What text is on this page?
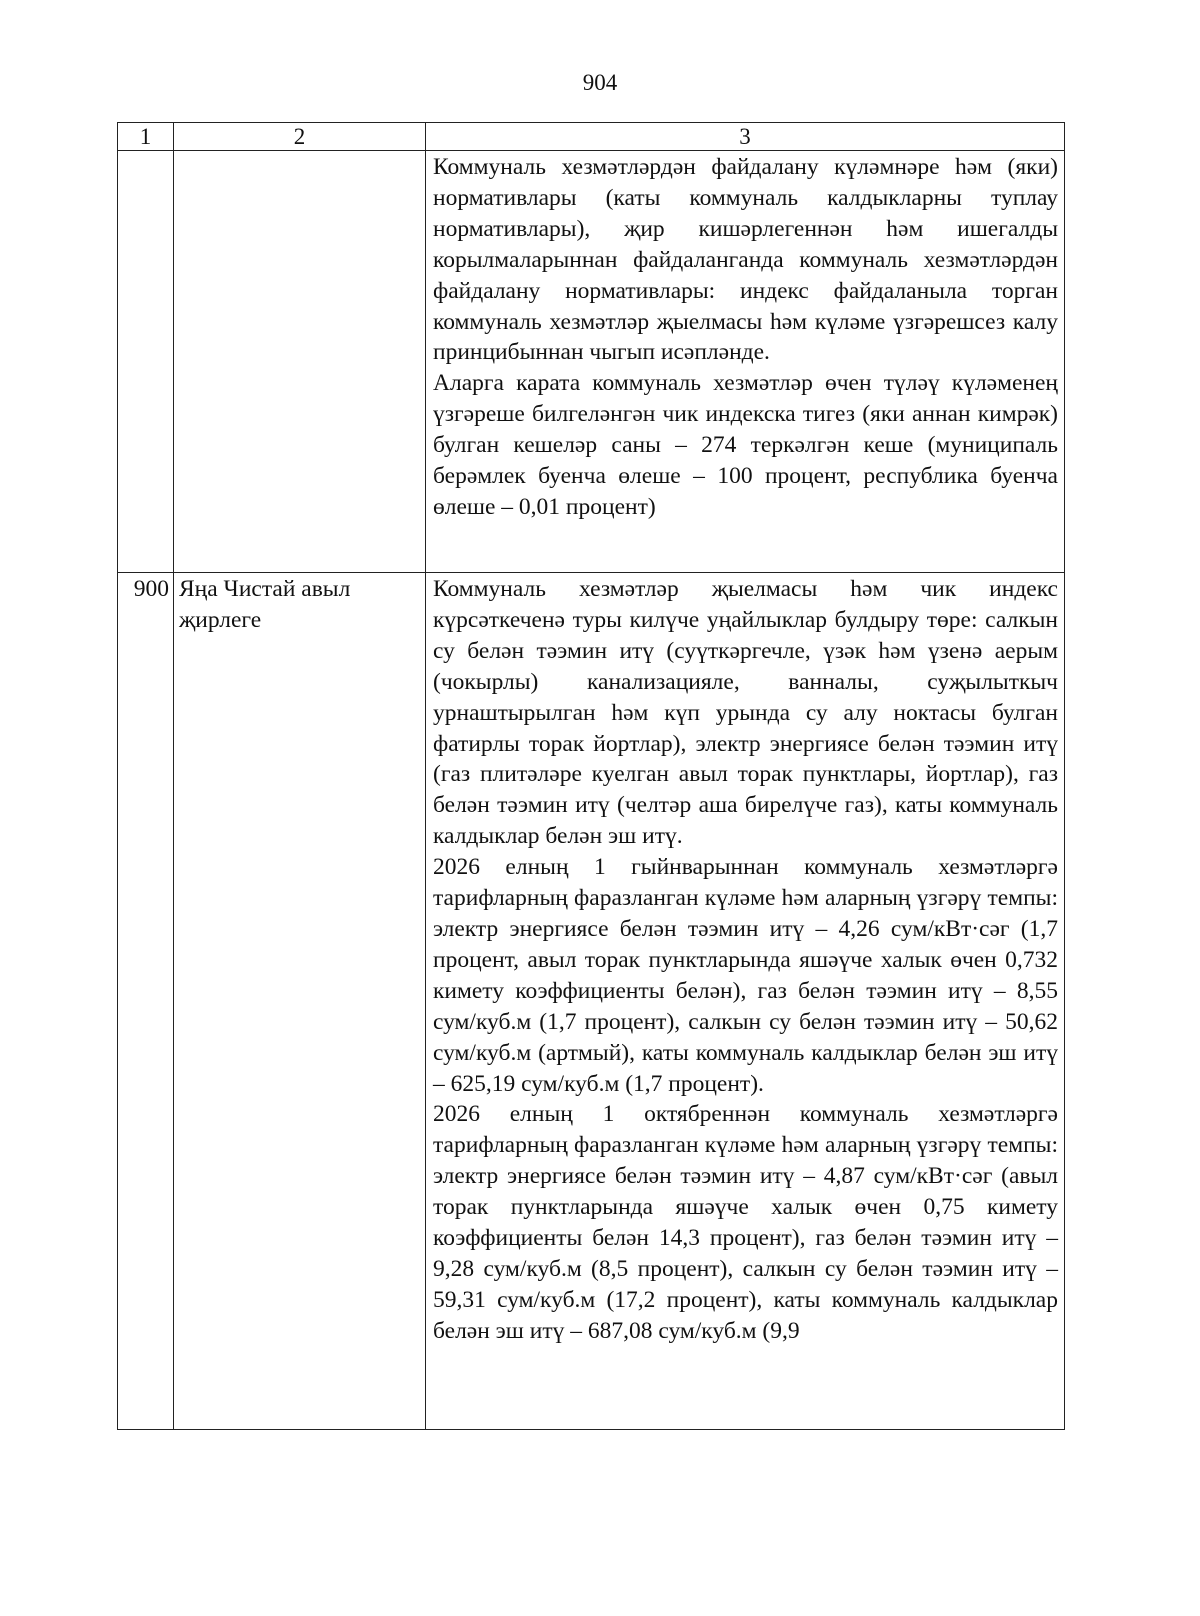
904
1	2	3

		Коммуналь хезмәтләрдән файдалану күләмнәре һәм (яки) нормативлары (каты коммуналь калдыкларны туплау нормативлары), җир кишәрлегеннән һәм ишегалды корылмаларыннан файдаланганда коммуналь хезмәтләрдән файдалану нормативлары: индекс файдаланыла торган коммуналь хезмәтләр җыелмасы һәм күләме үзгәрешсез калу принцибыннан чыгып исәпләнде.

Аларга карата коммуналь хезмәтләр өчен түләү күләменең үзгәреше билгеләнгән чик индекска тигез (яки аннан кимрәк) булган кешеләр саны – 274 теркәлгән кеше (муниципаль берәмлек буенча өлеше – 100 процент, республика буенча өлеше – 0,01 процент)

900	Яңа Чистай авыл җирлеге	Коммуналь хезмәтләр җыелмасы һәм чик индекс күрсәткеченә туры килүче уңайлыклар булдыру төре: салкын су белән тәэмин итү (суүткәргечле, үзәк һәм үзенә аерым (чокырлы) канализацияле, ванналы, суҗылыткыч урнаштырылган һәм күп урында су алу ноктасы булган фатирлы торак йортлар), электр энергиясе белән тәэмин итү (газ плитәләре куелган авыл торак пунктлары, йортлар), газ белән тәэмин итү (челтәр аша бирелүче газ), каты коммуналь калдыклар белән эш итү.

2026 елның 1 гыйнварыннан коммуналь хезмәтләргә тарифларның фаразланган күләме һәм аларның үзгәрү темпы: электр энергиясе белән тәэмин итү – 4,26 сум/кВт·сәг (1,7 процент, авыл торак пунктларында яшәүче халык өчен 0,732 кимету коэффициенты белән), газ белән тәэмин итү – 8,55 сум/куб.м (1,7 процент), салкын су белән тәэмин итү – 50,62 сум/куб.м (артмый), каты коммуналь калдыклар белән эш итү – 625,19 сум/куб.м (1,7 процент).

2026 елның 1 октябреннән коммуналь хезмәтләргә тарифларның фаразланган күләме һәм аларның үзгәрү темпы: электр энергиясе белән тәэмин итү – 4,87 сум/кВт·сәг (авыл торак пунктларында яшәүче халык өчен 0,75 кимету коэффициенты белән 14,3 процент), газ белән тәэмин итү – 9,28 сум/куб.м (8,5 процент), салкын су белән тәэмин итү – 59,31 сум/куб.м (17,2 процент), каты коммуналь калдыклар белән эш итү – 687,08 сум/куб.м (9,9
